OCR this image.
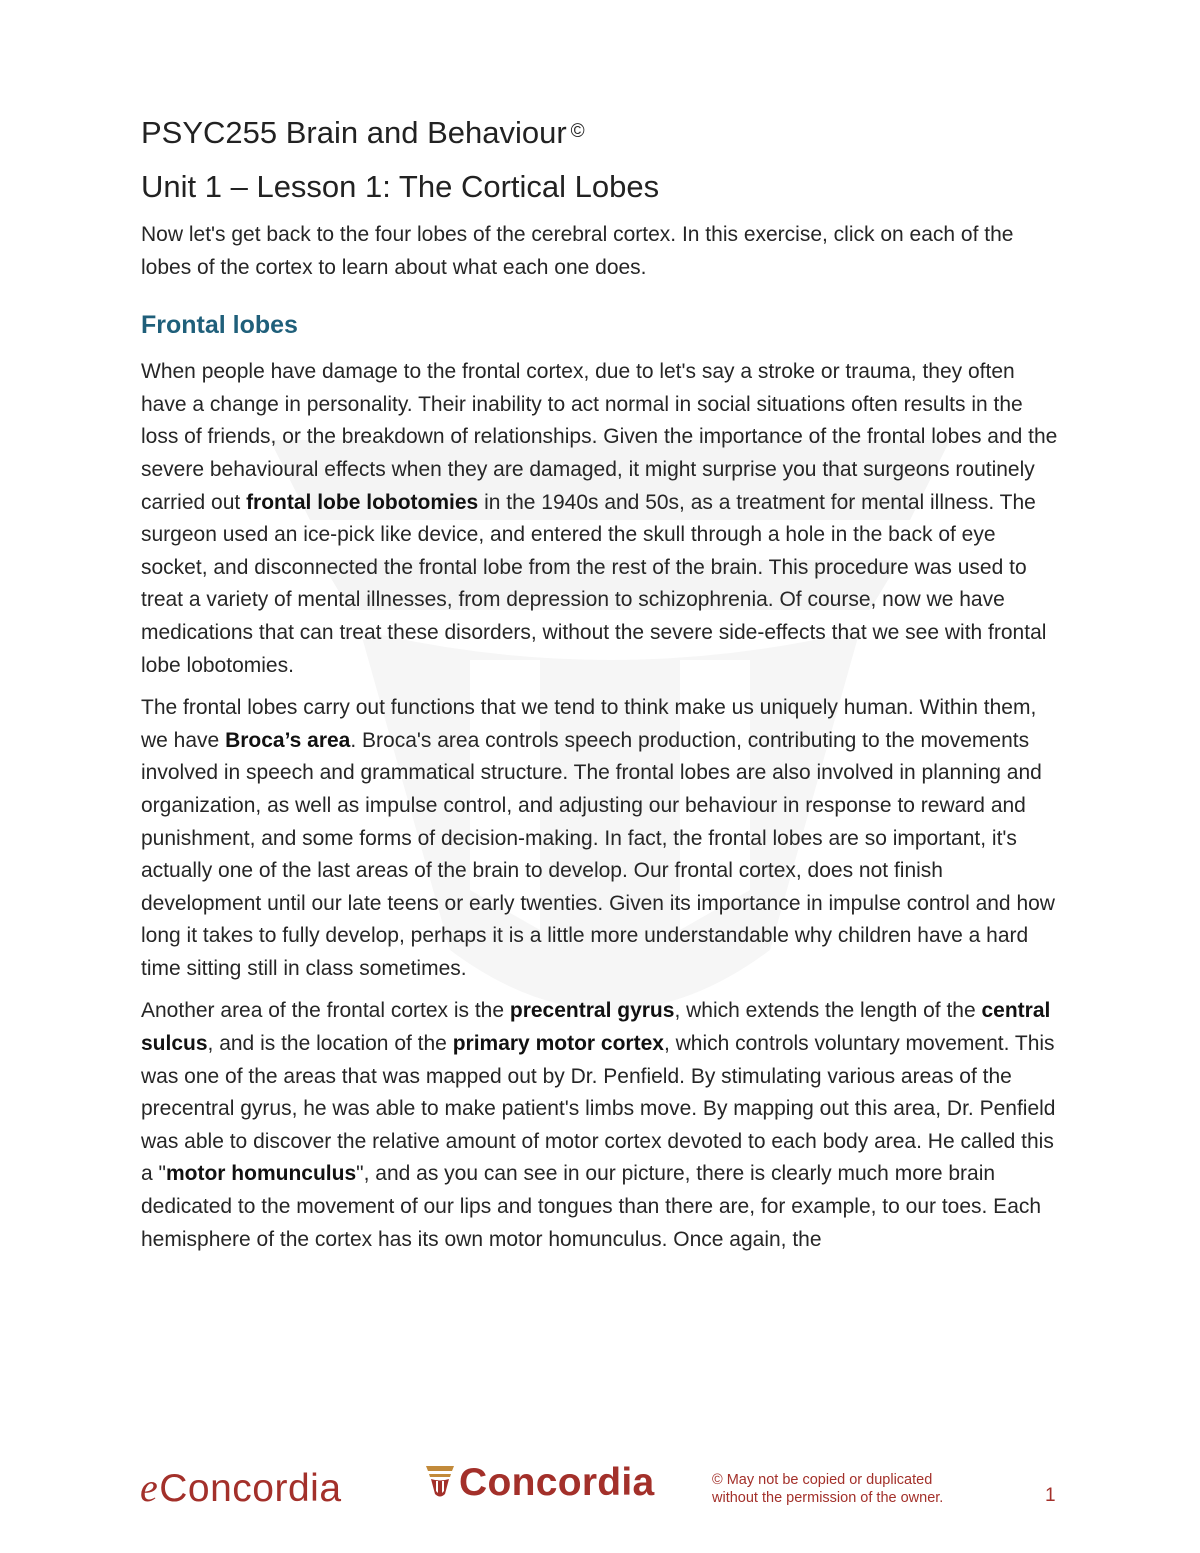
PSYC255 Brain and Behaviour ©
Unit 1 – Lesson 1: The Cortical Lobes

Now let's get back to the four lobes of the cerebral cortex. In this exercise, click on each of the lobes of the cortex to learn about what each one does.

Frontal lobes

When people have damage to the frontal cortex, due to let's say a stroke or trauma, they often have a change in personality. Their inability to act normal in social situations often results in the loss of friends, or the breakdown of relationships. Given the importance of the frontal lobes and the severe behavioural effects when they are damaged, it might surprise you that surgeons routinely carried out frontal lobe lobotomies in the 1940s and 50s, as a treatment for mental illness. The surgeon used an ice-pick like device, and entered the skull through a hole in the back of eye socket, and disconnected the frontal lobe from the rest of the brain. This procedure was used to treat a variety of mental illnesses, from depression to schizophrenia. Of course, now we have medications that can treat these disorders, without the severe side-effects that we see with frontal lobe lobotomies.

The frontal lobes carry out functions that we tend to think make us uniquely human. Within them, we have Broca’s area. Broca's area controls speech production, contributing to the movements involved in speech and grammatical structure. The frontal lobes are also involved in planning and organization, as well as impulse control, and adjusting our behaviour in response to reward and punishment, and some forms of decision-making. In fact, the frontal lobes are so important, it's actually one of the last areas of the brain to develop. Our frontal cortex, does not finish development until our late teens or early twenties. Given its importance in impulse control and how long it takes to fully develop, perhaps it is a little more understandable why children have a hard time sitting still in class sometimes.

Another area of the frontal cortex is the precentral gyrus, which extends the length of the central sulcus, and is the location of the primary motor cortex, which controls voluntary movement. This was one of the areas that was mapped out by Dr. Penfield. By stimulating various areas of the precentral gyrus, he was able to make patient's limbs move. By mapping out this area, Dr. Penfield was able to discover the relative amount of motor cortex devoted to each body area. He called this a "motor homunculus", and as you can see in our picture, there is clearly much more brain dedicated to the movement of our lips and tongues than there are, for example, to our toes. Each hemisphere of the cortex has its own motor homunculus. Once again, the

eConcordia	Concordia	© May not be copied or duplicated
without the permission of the owner.	1
